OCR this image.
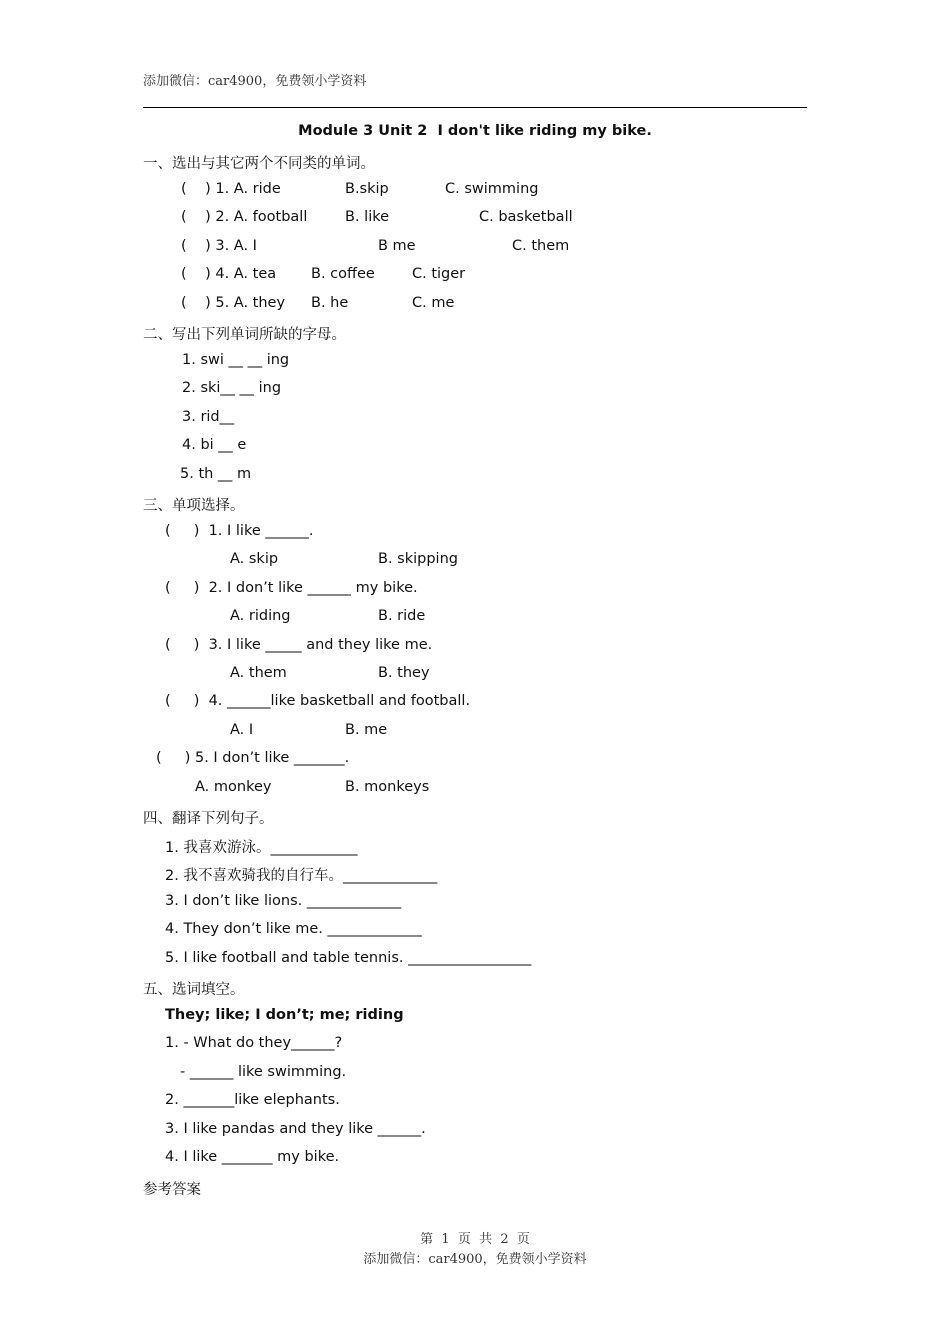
添加微信：car4900，免费领小学资料
Module 3 Unit 2  I don't like riding my bike.
一、选出与其它两个不同类的单词。
(    ) 1. A. ride	B.skip	C. swimming
(    ) 2. A. football	B. like	C. basketball
(    ) 3. A. I	B me	C. them
(    ) 4. A. tea B. coffee	C. tiger
(    ) 5. A. they B. he	C. me
二、写出下列单词所缺的字母。
1. swi __ __ ing
2. ski__ __ ing
3. rid__
4. bi __ e
5. th __ m
三、单项选择。
(     )  1. I like ______.
A. skip	B. skipping
(     )  2. I don’t like ______ my bike.
A. riding	B. ride
(     )  3. I like _____ and they like me.
A. them	B. they
(     )  4. ______like basketball and football.
A. I	B. me
(     ) 5. I don’t like _______.
A. monkey	B. monkeys
四、翻译下列句子。
1. 我喜欢游泳。____________
2. 我不喜欢骑我的自行车。_____________
3. I don’t like lions. _____________
4. They don’t like me. _____________
5. I like football and table tennis. _________________
五、选词填空。
They; like; I don’t; me; riding
1. - What do they______?
- ______ like swimming.
2. _______like elephants.
3. I like pandas and they like ______.
4. I like _______ my bike.
参考答案
第  1  页  共  2  页
添加微信：car4900，免费领小学资料
